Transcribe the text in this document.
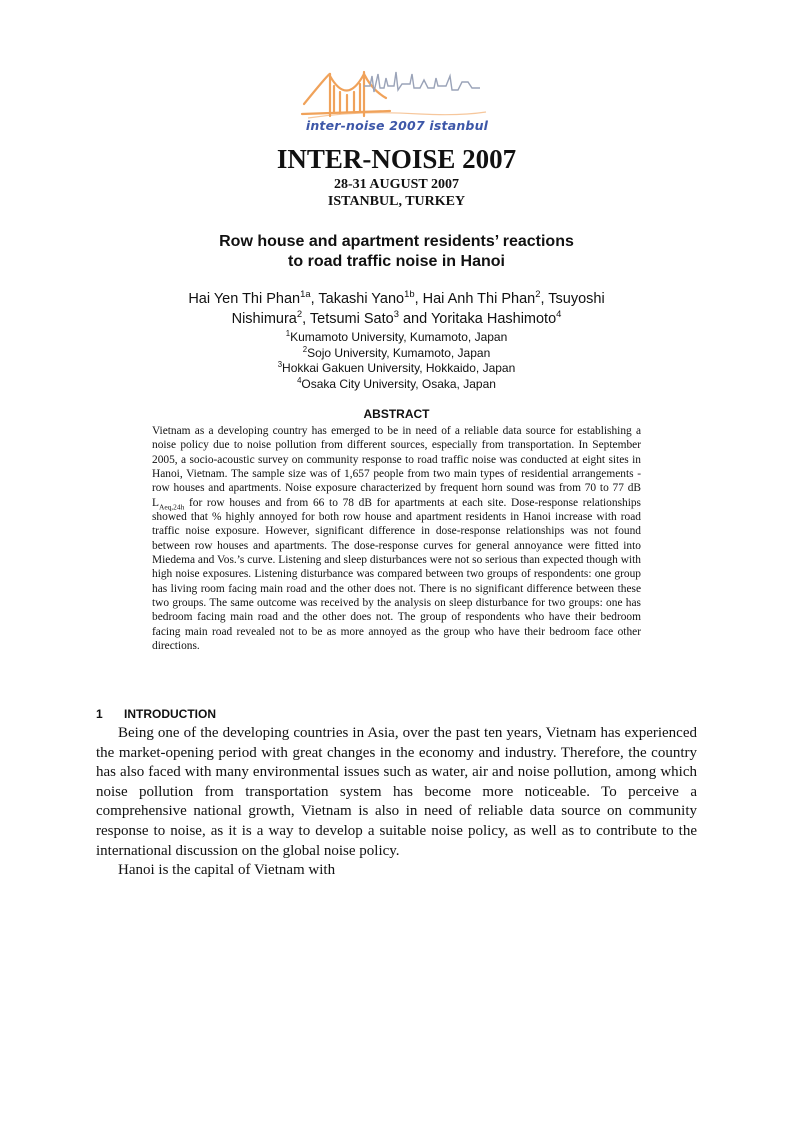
inter-noise 2007 istanbul
INTER-NOISE 2007
28-31 AUGUST 2007
ISTANBUL, TURKEY
Row house and apartment residents’ reactions
to road traffic noise in Hanoi
Hai Yen Thi Phan$^{1a}$, Takashi Yano$^{1b}$, Hai Anh Thi Phan$^2$, Tsuyoshi Nishimura$^2$, Tetsumi Sato$^3$ and Yoritaka Hashimoto$^4$
$^1$Kumamoto University, Kumamoto, Japan
$^2$Sojo University, Kumamoto, Japan
$^3$Hokkai Gakuen University, Hokkaido, Japan
$^4$Osaka City University, Osaka, Japan
ABSTRACT

Vietnam as a developing country has emerged to be in need of a reliable data source for establishing a noise policy due to noise pollution from different sources, especially from transportation. In September 2005, a socio-acoustic survey on community response to road traffic noise was conducted at eight sites in Hanoi, Vietnam. The sample size was of 1,657 people from two main types of residential arrangements - row houses and apartments. Noise exposure characterized by frequent horn sound was from 70 to 77 dB $L_{Aeq,24h}$ for row houses and from 66 to 78 dB for apartments at each site. Dose-response relationships showed that % highly annoyed for both row house and apartment residents in Hanoi increase with road traffic noise exposure. However, significant difference in dose-response relationships was not found between row houses and apartments. The dose-response curves for general annoyance were fitted into Miedema and Vos.’s curve. Listening and sleep disturbances were not so serious than expected though with high noise exposures. Listening disturbance was compared between two groups of respondents: one group has living room facing main road and the other does not. There is no significant difference between these two groups. The same outcome was received by the analysis on sleep disturbance for two groups: one has bedroom facing main road and the other does not. The group of respondents who have their bedroom facing main road revealed not to be as more annoyed as the group who have their bedroom face other directions.

1 INTRODUCTION

Being one of the developing countries in Asia, over the past ten years, Vietnam has experienced the market-opening period with great changes in the economy and industry. Therefore, the country has also faced with many environmental issues such as water, air and noise pollution, among which noise pollution from transportation system has become more noticeable. To perceive a comprehensive national growth, Vietnam is also in need of reliable data source on community response to noise, as it is a way to develop a suitable noise policy, as well as to contribute to the international discussion on the global noise policy.

Hanoi is the capital of Vietnam with
